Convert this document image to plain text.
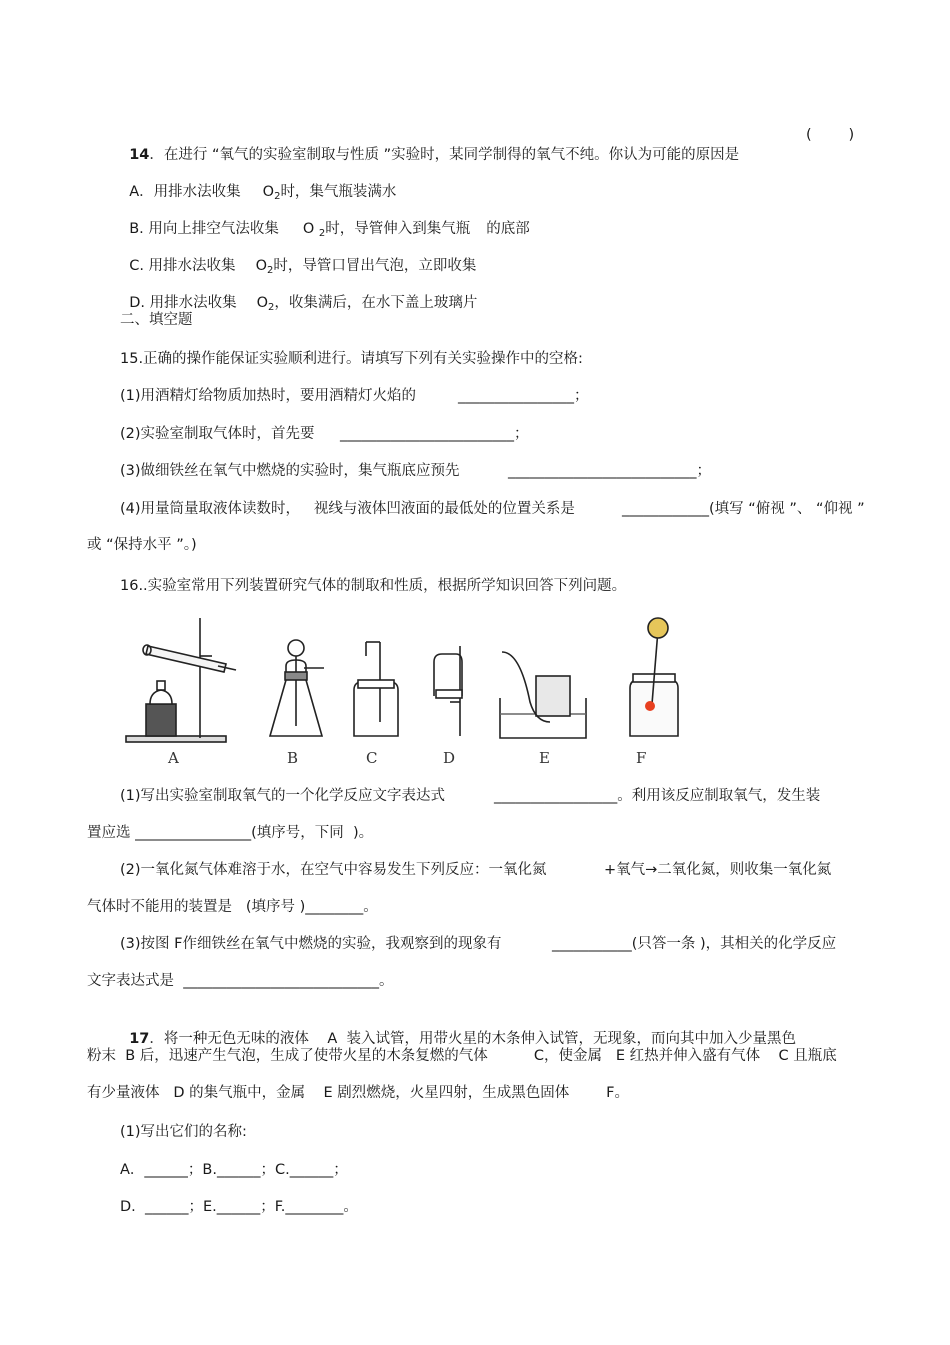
14．在进行 “氧气的实验室制取与性质 ”实验时，某同学制得的氧气不纯。你认为可能的原因是

(        )

A．用排水法收集 $O_2$时，集气瓶装满水

B. 用向上排空气法收集 O $_2$时，导管伸入到集气瓶 的底部

C. 用排水法收集 $O_2$时，导管口冒出气泡，立即收集

D. 用排水法收集 $O_2$，收集满后，在水下盖上玻璃片

二、填空题
15.正确的操作能保证实验顺利进行。请填写下列有关实验操作中的空格:
(1)用酒精灯给物质加热时，要用酒精灯火焰的	________________；
(2)实验室制取气体时，首先要 ________________________；
(3)做细铁丝在氧气中燃烧的实验时，集气瓶底应预先	__________________________；
(4)用量筒量取液体读数时，   视线与液体凹液面的最低处的位置关系是	____________(填写 “俯视 ”、 “仰视 ”
或 “保持水平 ”。)
16..实验室常用下列装置研究气体的制取和性质，根据所学知识回答下列问题。
A	B	C	D	E	F
(1)写出实验室制取氧气的一个化学反应文字表达式	_________________。利用该反应制取氧气，发生装
置应选 ________________(填序号，下同  )。
(2)一氧化氮气体难溶于水，在空气中容易发生下列反应：一氧化氮	+氧气→二氧化氮，则收集一氧化氮
气体时不能用的装置是   (填序号 )________。
(3)按图 F作细铁丝在氧气中燃烧的实验，我观察到的现象有	___________(只答一条 )，其相关的化学反应
文字表达式是  ___________________________。

17．将一种无色无味的液体    A  装入试管，用带火星的木条伸入试管，无现象，而向其中加入少量黑色

粉末  B 后，迅速产生气泡，生成了使带火星的木条复燃的气体          C，使金属   E 红热并伸入盛有气体    C 且瓶底
有少量液体   D 的集气瓶中，金属    E 剧烈燃烧，火星四射，生成黑色固体        F。
(1)写出它们的名称:
A．______；B.______；C.______；
D.  ______；E.______；F.________。
